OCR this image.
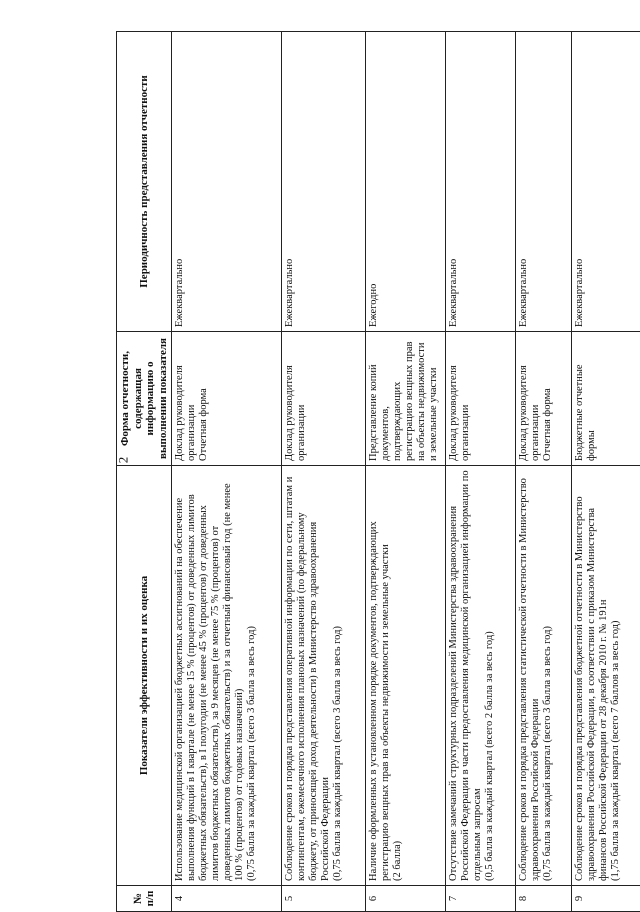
2
№ п/п	Показатели эффективности и их оценка	Форма отчетности, содержащая информацию о выполнении показателя	Периодичность представления отчетности
4	Использование медицинской организацией бюджетных ассигнований на обеспечение выполнения функций в I квартале (не менее 15 % (процентов) от доведенных лимитов бюджетных обязательств), в I полугодии (не менее 45 % (процентов) от доведенных лимитов бюджетных обязательств), за 9 месяцев (не менее 75 % (процентов) от доведенных лимитов бюджетных обязательств) и за отчетный финансовый год (не менее 100 % (процентов) от годовых назначений) (0,75 балла за каждый квартал (всего 3 балла за весь год)	Доклад руководителя организации Отчетная форма	Ежеквартально
5	Соблюдение сроков и порядка представления оперативной информации по сети, штатам и контингентам, ежемесячного исполнения плановых назначений (по федеральному бюджету, от приносящей доход деятельности) в Министерство здравоохранения Российской Федерации (0,75 балла за каждый квартал (всего 3 балла за весь год)	Доклад руководителя организации	Ежеквартально
6	Наличие оформленных в установленном порядке документов, подтверждающих регистрацию вещных прав на объекты недвижимости и земельные участки (2 балла)	Представление копий документов, подтверждающих регистрацию вещных прав на объекты недвижимости и земельные участки	Ежегодно
7	Отсутствие замечаний структурных подразделений Министерства здравоохранения Российской Федерации в части предоставления медицинской организацией информации по отдельным запросам (0,5 балла за каждый квартал (всего 2 балла за весь год)	Доклад руководителя организации	Ежеквартально
8	Соблюдение сроков и порядка представления статистической отчетности в Министерство здравоохранения Российской Федерации (0,75 балла за каждый квартал (всего 3 балла за весь год)	Доклад руководителя организации Отчетная форма	Ежеквартально
9	Соблюдение сроков и порядка представления бюджетной отчетности в Министерство здравоохранения Российской Федерации, в соответствии с приказом Министерства финансов Российской Федерации от 28 декабря 2010 г. № 191н (1,75 балла за каждый квартал (всего 7 баллов за весь год)	Бюджетные отчетные формы	Ежеквартально
